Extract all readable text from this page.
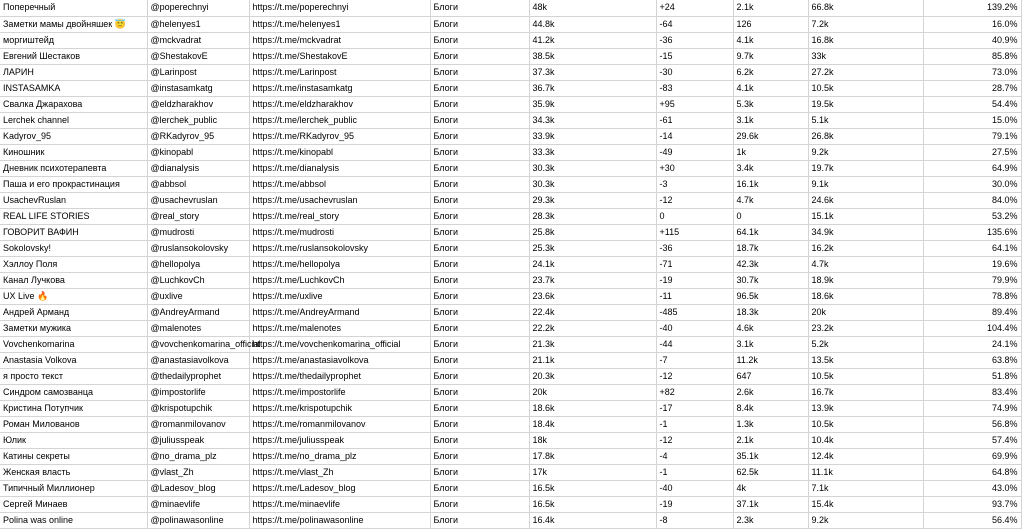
Поперечный	@poperechnyi	https://t.me/poperechnyi	Блоги	48k	+24	2.1k	66.8k	139.2%
Заметки мамы двойняшек 😇	@helenyes1	https://t.me/helenyes1	Блоги	44.8k	-64	126	7.2k	16.0%
моргиштейд	@mckvadrat	https://t.me/mckvadrat	Блоги	41.2k	-36	4.1k	16.8k	40.9%
Евгений Шестаков	@ShestakovE	https://t.me/ShestakovE	Блоги	38.5k	-15	9.7k	33k	85.8%
ЛАРИН	@Larinpost	https://t.me/Larinpost	Блоги	37.3k	-30	6.2k	27.2k	73.0%
INSTASAMKA	@instasamkatg	https://t.me/instasamkatg	Блоги	36.7k	-83	4.1k	10.5k	28.7%
Свалка Джарахова	@eldzharakhov	https://t.me/eldzharakhov	Блоги	35.9k	+95	5.3k	19.5k	54.4%
Lerchek channel	@lerchek_public	https://t.me/lerchek_public	Блоги	34.3k	-61	3.1k	5.1k	15.0%
Kadyrov_95	@RKadyrov_95	https://t.me/RKadyrov_95	Блоги	33.9k	-14	29.6k	26.8k	79.1%
Киношник	@kinopabl	https://t.me/kinopabl	Блоги	33.3k	-49	1k	9.2k	27.5%
Дневник психотерапевта	@dianalysis	https://t.me/dianalysis	Блоги	30.3k	+30	3.4k	19.7k	64.9%
Паша и его прокрастинация	@abbsol	https://t.me/abbsol	Блоги	30.3k	-3	16.1k	9.1k	30.0%
UsachevRuslan	@usachevruslan	https://t.me/usachevruslan	Блоги	29.3k	-12	4.7k	24.6k	84.0%
REAL LIFE STORIES	@real_story	https://t.me/real_story	Блоги	28.3k	0	0	15.1k	53.2%
ГОВОРИТ ВАФИН	@mudrosti	https://t.me/mudrosti	Блоги	25.8k	+115	64.1k	34.9k	135.6%
Sokolovsky!	@ruslansokolovsky	https://t.me/ruslansokolovsky	Блоги	25.3k	-36	18.7k	16.2k	64.1%
Хэллоу Поля	@hellopolya	https://t.me/hellopolya	Блоги	24.1k	-71	42.3k	4.7k	19.6%
Канал Лучкова	@LuchkovCh	https://t.me/LuchkovCh	Блоги	23.7k	-19	30.7k	18.9k	79.9%
UX Live 🔥	@uxlive	https://t.me/uxlive	Блоги	23.6k	-11	96.5k	18.6k	78.8%
Андрей Арманд	@AndreyArmand	https://t.me/AndreyArmand	Блоги	22.4k	-485	18.3k	20k	89.4%
Заметки мужика	@malenotes	https://t.me/malenotes	Блоги	22.2k	-40	4.6k	23.2k	104.4%
Vovchenkomarina	@vovchenkomarina_official	https://t.me/vovchenkomarina_official	Блоги	21.3k	-44	3.1k	5.2k	24.1%
Anastasia Volkova	@anastasiavolkova	https://t.me/anastasiavolkova	Блоги	21.1k	-7	11.2k	13.5k	63.8%
я просто текст	@thedailyprophet	https://t.me/thedailyprophet	Блоги	20.3k	-12	647	10.5k	51.8%
Синдром самозванца	@impostorlife	https://t.me/impostorlife	Блоги	20k	+82	2.6k	16.7k	83.4%
Кристина Потупчик	@krispotupchik	https://t.me/krispotupchik	Блоги	18.6k	-17	8.4k	13.9k	74.9%
Роман Милованов	@romanmilovanov	https://t.me/romanmilovanov	Блоги	18.4k	-1	1.3k	10.5k	56.8%
Юлик	@juliusspeak	https://t.me/juliusspeak	Блоги	18k	-12	2.1k	10.4k	57.4%
Катины секреты	@no_drama_plz	https://t.me/no_drama_plz	Блоги	17.8k	-4	35.1k	12.4k	69.9%
Женская власть	@vlast_Zh	https://t.me/vlast_Zh	Блоги	17k	-1	62.5k	11.1k	64.8%
Типичный Миллионер	@Ladesov_blog	https://t.me/Ladesov_blog	Блоги	16.5k	-40	4k	7.1k	43.0%
Сергей Минаев	@minaevlife	https://t.me/minaevlife	Блоги	16.5k	-19	37.1k	15.4k	93.7%
Polina was online	@polinawasonline	https://t.me/polinawasonline	Блоги	16.4k	-8	2.3k	9.2k	56.4%
